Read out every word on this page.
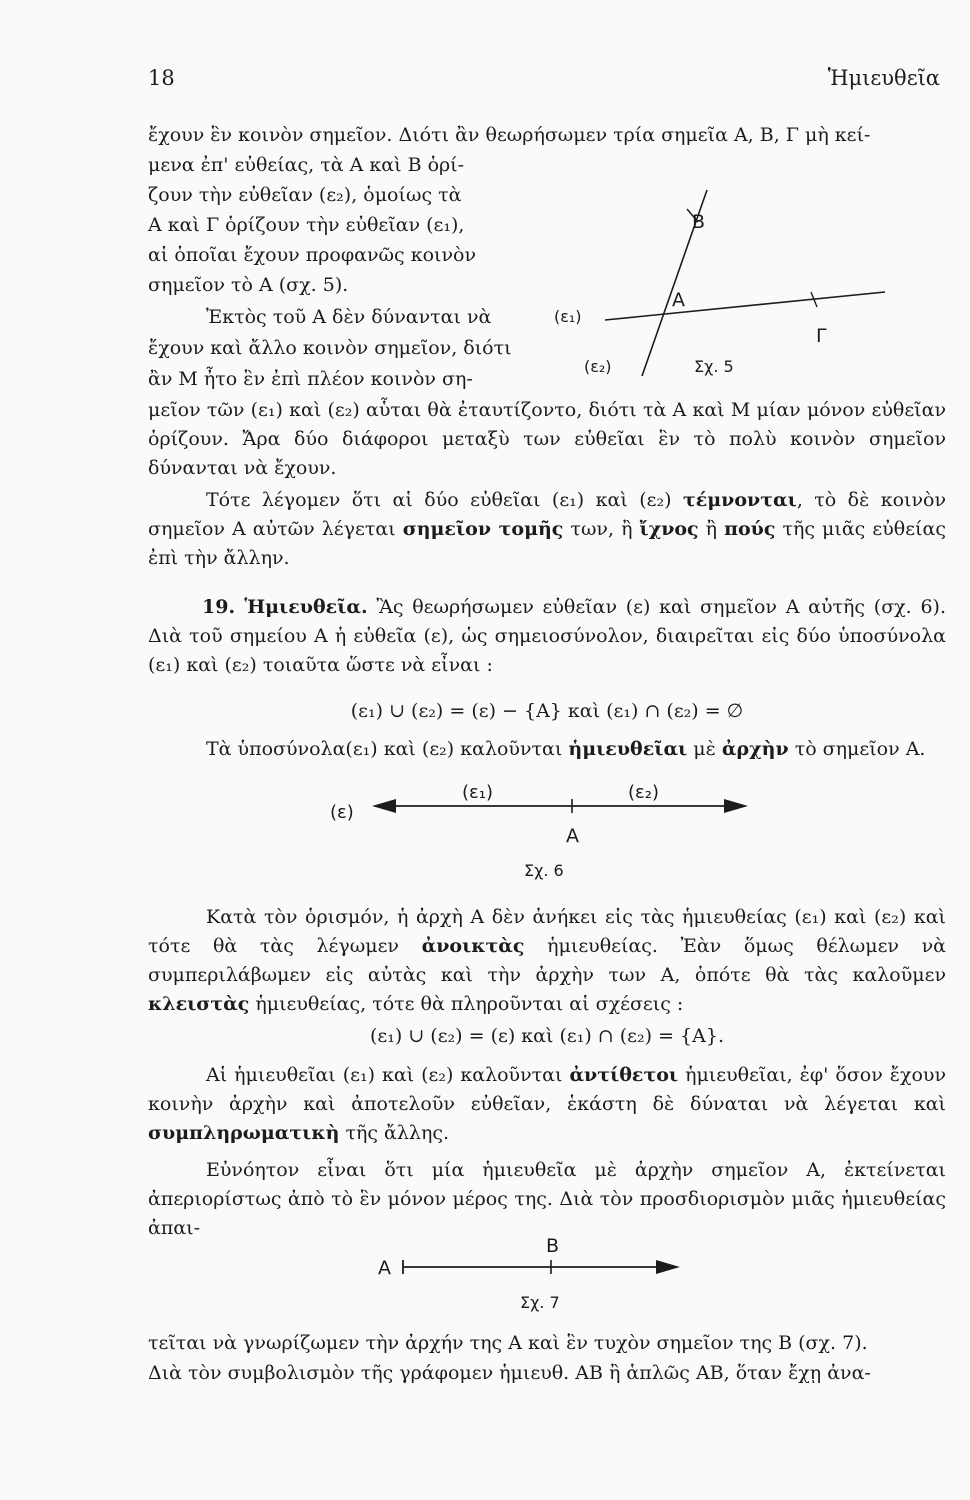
18	Ἡμιευθεῖα
ἔχουν ἓν κοινὸν σημεῖον. Διότι ἂν θεωρήσωμεν τρία σημεῖα Α, Β, Γ μὴ κεί-
μενα ἐπ' εὐθείας, τὰ Α καὶ Β ὁρί-
ζουν τὴν εὐθεῖαν (ε₂), ὁμοίως τὰ
Α καὶ Γ ὁρίζουν τὴν εὐθεῖαν (ε₁),
αἱ ὁποῖαι ἔχουν προφανῶς κοινὸν
σημεῖον τὸ Α (σχ. 5).
Ἐκτὸς τοῦ Α δὲν δύνανται νὰ
ἔχουν καὶ ἄλλο κοινὸν σημεῖον, διότι
ἂν Μ ἦτο ἓν ἐπὶ πλέον κοινὸν ση-
μεῖον τῶν (ε₁) καὶ (ε₂) αὗται θὰ ἐταυτίζοντο, διότι τὰ Α καὶ Μ μίαν μόνον εὐθεῖαν ὁρίζουν. Ἄρα δύο διάφοροι μεταξὺ των εὐθεῖαι ἓν τὸ πολὺ κοινὸν σημεῖον δύνανται νὰ ἔχουν.
Β
Α
Γ
(ε₁)
(ε₂)	Σχ. 5
Τότε λέγομεν ὅτι αἱ δύο εὐθεῖαι (ε₁) καὶ (ε₂) τέμνονται, τὸ δὲ κοινὸν σημεῖον Α αὐτῶν λέγεται σημεῖον τομῆς των, ἢ ἴχνος ἢ πούς τῆς μιᾶς εὐθείας ἐπὶ τὴν ἄλλην.
19. Ἡμιευθεῖα. Ἂς θεωρήσωμεν εὐθεῖαν (ε) καὶ σημεῖον Α αὐτῆς (σχ. 6). Διὰ τοῦ σημείου Α ἡ εὐθεῖα (ε), ὡς σημειοσύνολον, διαιρεῖται εἰς δύο ὑποσύνολα (ε₁) καὶ (ε₂) τοιαῦτα ὥστε νὰ εἶναι :
(ε₁) ∪ (ε₂) = (ε) − {Α} καὶ (ε₁) ∩ (ε₂) = ∅
Τὰ ὑποσύνολα(ε₁) καὶ (ε₂) καλοῦνται ἡμιευθεῖαι μὲ ἀρχὴν τὸ σημεῖον Α.
(ε)
(ε₁)	(ε₂)
Α
Σχ. 6
Κατὰ τὸν ὁρισμόν, ἡ ἀρχὴ Α δὲν ἀνήκει εἰς τὰς ἡμιευθείας (ε₁) καὶ (ε₂) καὶ τότε θὰ τὰς λέγωμεν ἀνοικτὰς ἡμιευθείας. Ἐὰν ὅμως θέλωμεν νὰ συμπεριλάβωμεν εἰς αὐτὰς καὶ τὴν ἀρχὴν των Α, ὁπότε θὰ τὰς καλοῦμεν κλειστὰς ἡμιευθείας, τότε θὰ πληροῦνται αἱ σχέσεις :
(ε₁) ∪ (ε₂) = (ε) καὶ (ε₁) ∩ (ε₂) = {Α}.
Αἱ ἡμιευθεῖαι (ε₁) καὶ (ε₂) καλοῦνται ἀντίθετοι ἡμιευθεῖαι, ἐφ' ὅσον ἔχουν κοινὴν ἀρχὴν καὶ ἀποτελοῦν εὐθεῖαν, ἑκάστη δὲ δύναται νὰ λέγεται καὶ συμπληρωματικὴ τῆς ἄλλης.
Εὐνόητον εἶναι ὅτι μία ἡμιευθεῖα μὲ ἀρχὴν σημεῖον Α, ἐκτείνεται ἀπεριορίστως ἀπὸ τὸ ἓν μόνον μέρος της. Διὰ τὸν προσδιορισμὸν μιᾶς ἡμιευθείας ἀπαι-
Α
Β
Σχ. 7
τεῖται νὰ γνωρίζωμεν τὴν ἀρχήν της Α καὶ ἓν τυχὸν σημεῖον της Β (σχ. 7).
Διὰ τὸν συμβολισμὸν τῆς γράφομεν ἡμιευθ. ΑΒ ἢ ἁπλῶς ΑΒ, ὅταν ἔχῃ ἀνα-
